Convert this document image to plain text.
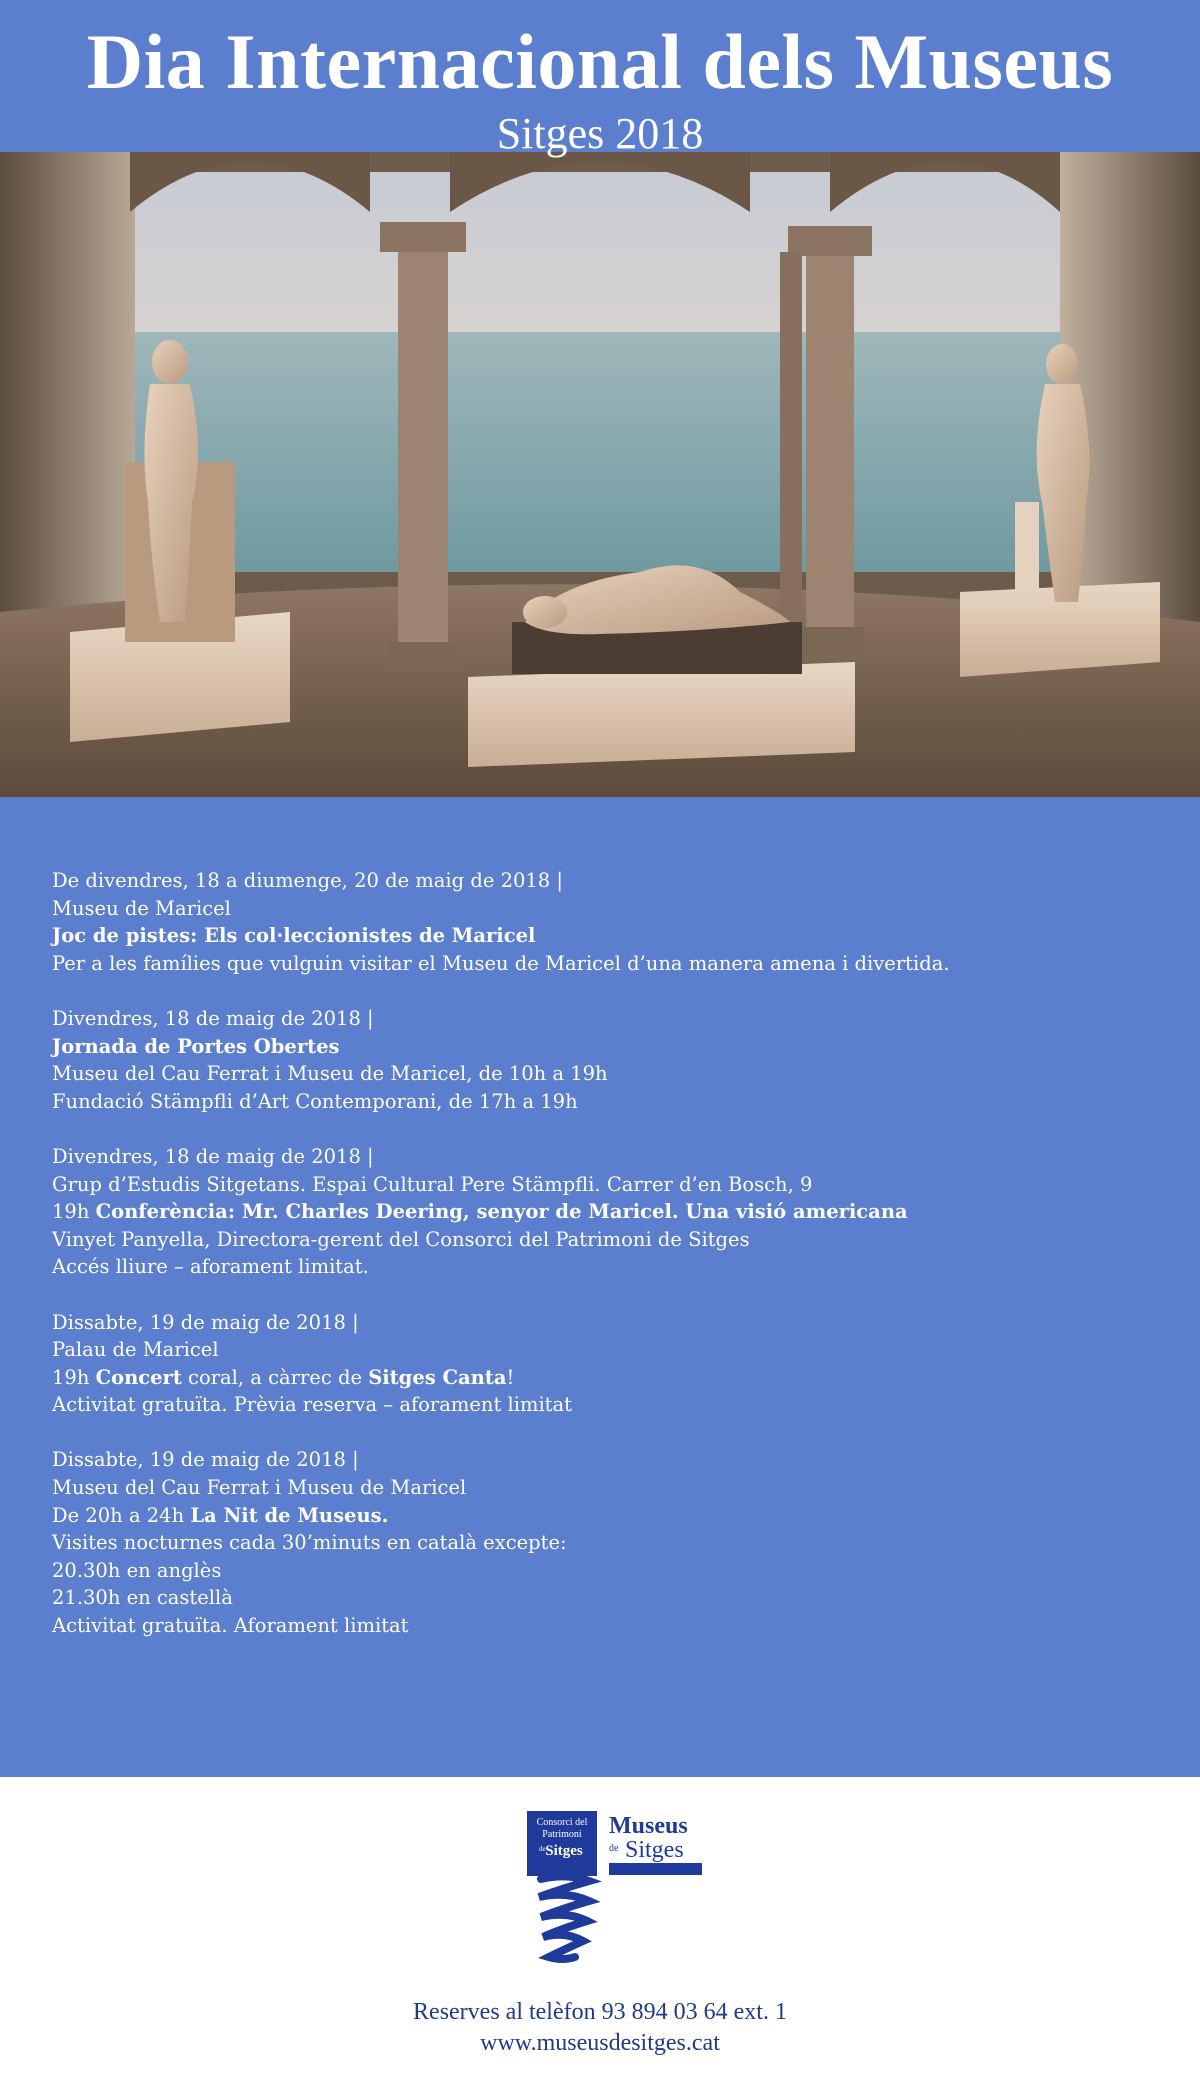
Dia Internacional dels Museus
Sitges 2018
De divendres, 18 a diumenge, 20 de maig de 2018 |
Museu de Maricel
Joc de pistes: Els col·leccionistes de Maricel
Per a les famílies que vulguin visitar el Museu de Maricel d’una manera amena i divertida.
Divendres, 18 de maig de 2018 |
Jornada de Portes Obertes
Museu del Cau Ferrat i Museu de Maricel, de 10h a 19h
Fundació Stämpfli d’Art Contemporani, de 17h a 19h
Divendres, 18 de maig de 2018 |
Grup d’Estudis Sitgetans. Espai Cultural Pere Stämpfli. Carrer d’en Bosch, 9
19h Conferència: Mr. Charles Deering, senyor de Maricel. Una visió americana
Vinyet Panyella, Directora-gerent del Consorci del Patrimoni de Sitges
Accés lliure – aforament limitat.
Dissabte, 19 de maig de 2018 |
Palau de Maricel
19h Concert coral, a càrrec de Sitges Canta!
Activitat gratuïta. Prèvia reserva – aforament limitat
Dissabte, 19 de maig de 2018 |
Museu del Cau Ferrat i Museu de Maricel
De 20h a 24h La Nit de Museus.
Visites nocturnes cada 30’minuts en català excepte:
20.30h en anglès
21.30h en castellà
Activitat gratuïta. Aforament limitat
Consorci del
Patrimoni
de Sitges
Museus
de Sitges
Reserves al telèfon 93 894 03 64 ext. 1
www.museusdesitges.cat
